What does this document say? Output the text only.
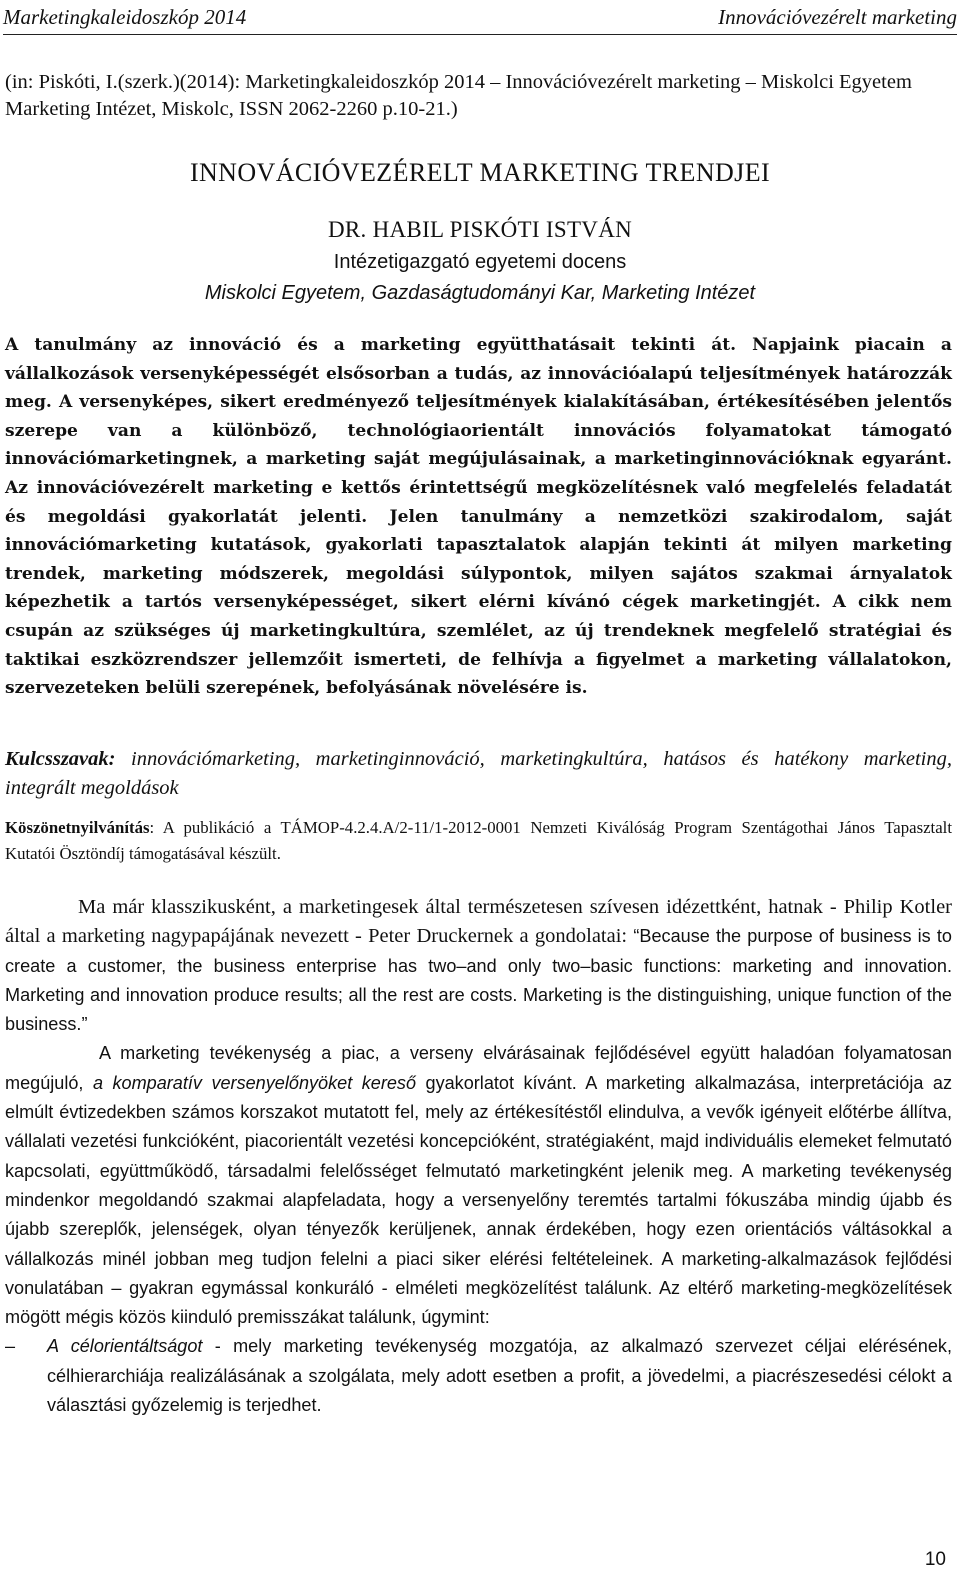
Marketingkaleidoszkóp 2014	Innovációvezérelt marketing
(in: Piskóti, I.(szerk.)(2014): Marketingkaleidoszkóp 2014 – Innovációvezérelt marketing – Miskolci Egyetem Marketing Intézet, Miskolc, ISSN 2062-2260 p.10-21.)
INNOVÁCIÓVEZÉRELT MARKETING TRENDJEI
DR. HABIL PISKÓTI ISTVÁN
Intézetigazgató egyetemi docens
Miskolci Egyetem, Gazdaságtudományi Kar, Marketing Intézet
A tanulmány az innováció és a marketing együtthatásait tekinti át. Napjaink piacain a vállalkozások versenyképességét elsősorban a tudás, az innovációalapú teljesítmények határozzák meg. A versenyképes, sikert eredményező teljesítmények kialakításában, értékesítésében jelentős szerepe van a különböző, technológiaorientált innovációs folyamatokat támogató innovációmarketingnek, a marketing saját megújulásainak, a marketinginnovációknak egyaránt. Az innovációvezérelt marketing e kettős érintettségű megközelítésnek való megfelelés feladatát és megoldási gyakorlatát jelenti. Jelen tanulmány a nemzetközi szakirodalom, saját innovációmarketing kutatások, gyakorlati tapasztalatok alapján tekinti át milyen marketing trendek, marketing módszerek, megoldási súlypontok, milyen sajátos szakmai árnyalatok képezhetik a tartós versenyképességet, sikert elérni kívánó cégek marketingjét. A cikk nem csupán az szükséges új marketingkultúra, szemlélet, az új trendeknek megfelelő stratégiai és taktikai eszközrendszer jellemzőit ismerteti, de felhívja a figyelmet a marketing vállalatokon, szervezeteken belüli szerepének, befolyásának növelésére is.
Kulcsszavak: innovációmarketing, marketinginnováció, marketingkultúra, hatásos és hatékony marketing, integrált megoldások
Köszönetnyilvánítás: A publikáció a TÁMOP-4.2.4.A/2-11/1-2012-0001 Nemzeti Kiválóság Program Szentágothai János Tapasztalt Kutatói Ösztöndíj támogatásával készült.

Ma már klasszikusként, a marketingesek által természetesen szívesen idézettként, hatnak - Philip Kotler által a marketing nagypapájának nevezett - Peter Druckernek a gondolatai: “Because the purpose of business is to create a customer, the business enterprise has two–and only two–basic functions: marketing and innovation. Marketing and innovation produce results; all the rest are costs. Marketing is the distinguishing, unique function of the business.”

A marketing tevékenység a piac, a verseny elvárásainak fejlődésével együtt haladóan folyamatosan megújuló, a komparatív versenyelőnyöket kereső gyakorlatot kívánt. A marketing alkalmazása, interpretációja az elmúlt évtizedekben számos korszakot mutatott fel, mely az értékesítéstől elindulva, a vevők igényeit előtérbe állítva, vállalati vezetési funkcióként, piacorientált vezetési koncepcióként, stratégiaként, majd individuális elemeket felmutató kapcsolati, együttműködő, társadalmi felelősséget felmutató marketingként jelenik meg. A marketing tevékenység mindenkor megoldandó szakmai alapfeladata, hogy a versenyelőny teremtés tartalmi fókuszába mindig újabb és újabb szereplők, jelenségek, olyan tényezők kerüljenek, annak érdekében, hogy ezen orientációs váltásokkal a vállalkozás minél jobban meg tudjon felelni a piaci siker elérési feltételeinek. A marketing-alkalmazások fejlődési vonulatában – gyakran egymással konkuráló - elméleti megközelítést találunk. Az eltérő marketing-megközelítések mögött mégis közös kiinduló premisszákat találunk, úgymint:

– A célorientáltságot - mely marketing tevékenység mozgatója, az alkalmazó szervezet céljai elérésének, célhierarchiája realizálásának a szolgálata, mely adott esetben a profit, a jövedelmi, a piacrészesedési célokt a választási győzelemig is terjedhet.
10
